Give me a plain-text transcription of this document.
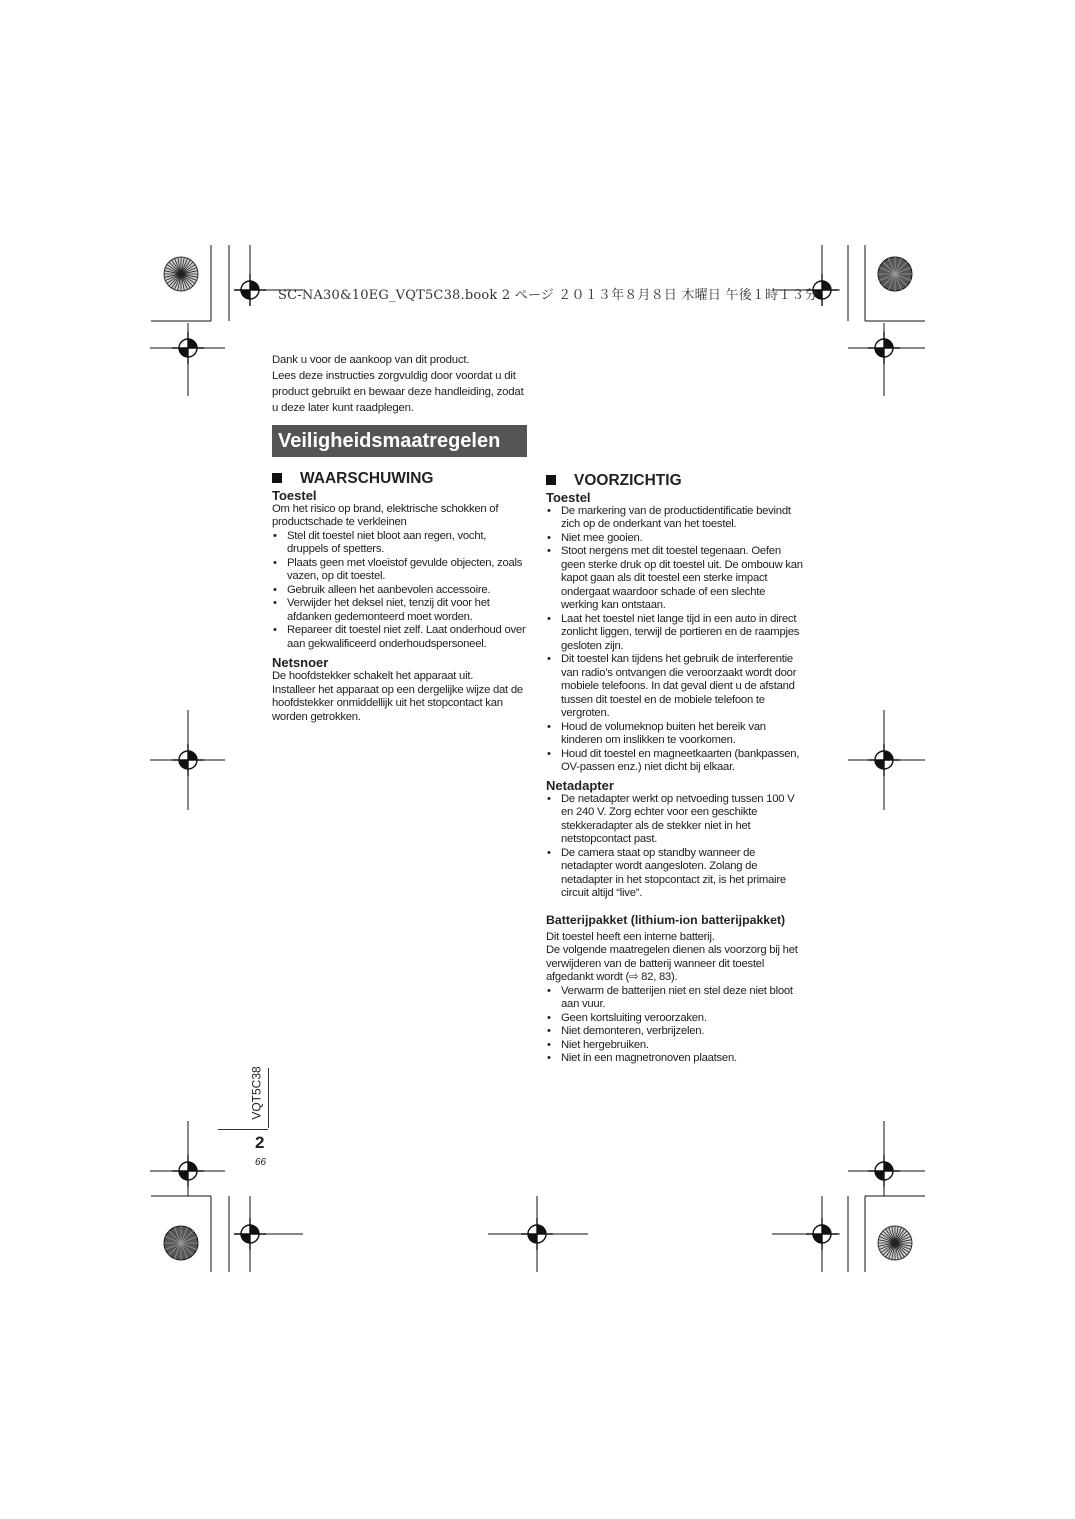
SC-NA30&10EG_VQT5C38.book 2 ページ ２０１３年８月８日 木曜日 午後１時１３分

Dank u voor de aankoop van dit product.

Lees deze instructies zorgvuldig door voordat u dit

product gebruikt en bewaar deze handleiding, zodat

u deze later kunt raadplegen.

Veiligheidsmaatregelen
WAARSCHUWING
Toestel

Om het risico op brand, elektrische schokken of productschade te verkleinen

• Stel dit toestel niet bloot aan regen, vocht, druppels of spetters.
• Plaats geen met vloeistof gevulde objecten, zoals vazen, op dit toestel.
• Gebruik alleen het aanbevolen accessoire.
• Verwijder het deksel niet, tenzij dit voor het afdanken gedemonteerd moet worden.
• Repareer dit toestel niet zelf. Laat onderhoud over aan gekwalificeerd onderhoudspersoneel.
Netsnoer

De hoofdstekker schakelt het apparaat uit.

Installeer het apparaat op een dergelijke wijze dat de hoofdstekker onmiddellijk uit het stopcontact kan worden getrokken.

VOORZICHTIG
Toestel
• De markering van de productidentificatie bevindt zich op de onderkant van het toestel.
• Niet mee gooien.
• Stoot nergens met dit toestel tegenaan. Oefen geen sterke druk op dit toestel uit. De ombouw kan kapot gaan als dit toestel een sterke impact ondergaat waardoor schade of een slechte werking kan ontstaan.
• Laat het toestel niet lange tijd in een auto in direct zonlicht liggen, terwijl de portieren en de raampjes gesloten zijn.
• Dit toestel kan tijdens het gebruik de interferentie van radio’s ontvangen die veroorzaakt wordt door mobiele telefoons. In dat geval dient u de afstand tussen dit toestel en de mobiele telefoon te vergroten.
• Houd de volumeknop buiten het bereik van kinderen om inslikken te voorkomen.
• Houd dit toestel en magneetkaarten (bankpassen, OV-passen enz.) niet dicht bij elkaar.
Netadapter
• De netadapter werkt op netvoeding tussen 100 V en 240 V. Zorg echter voor een geschikte stekkeradapter als de stekker niet in het netstopcontact past.
• De camera staat op standby wanneer de netadapter wordt aangesloten. Zolang de netadapter in het stopcontact zit, is het primaire circuit altijd “live”.
Batterijpakket (lithium-ion batterijpakket)

Dit toestel heeft een interne batterij.

De volgende maatregelen dienen als voorzorg bij het verwijderen van de batterij wanneer dit toestel afgedankt wordt (⇨ 82, 83).

• Verwarm de batterijen niet en stel deze niet bloot aan vuur.
• Geen kortsluiting veroorzaken.
• Niet demonteren, verbrijzelen.
• Niet hergebruiken.
• Niet in een magnetronoven plaatsen.
VQT5C38
2
66
